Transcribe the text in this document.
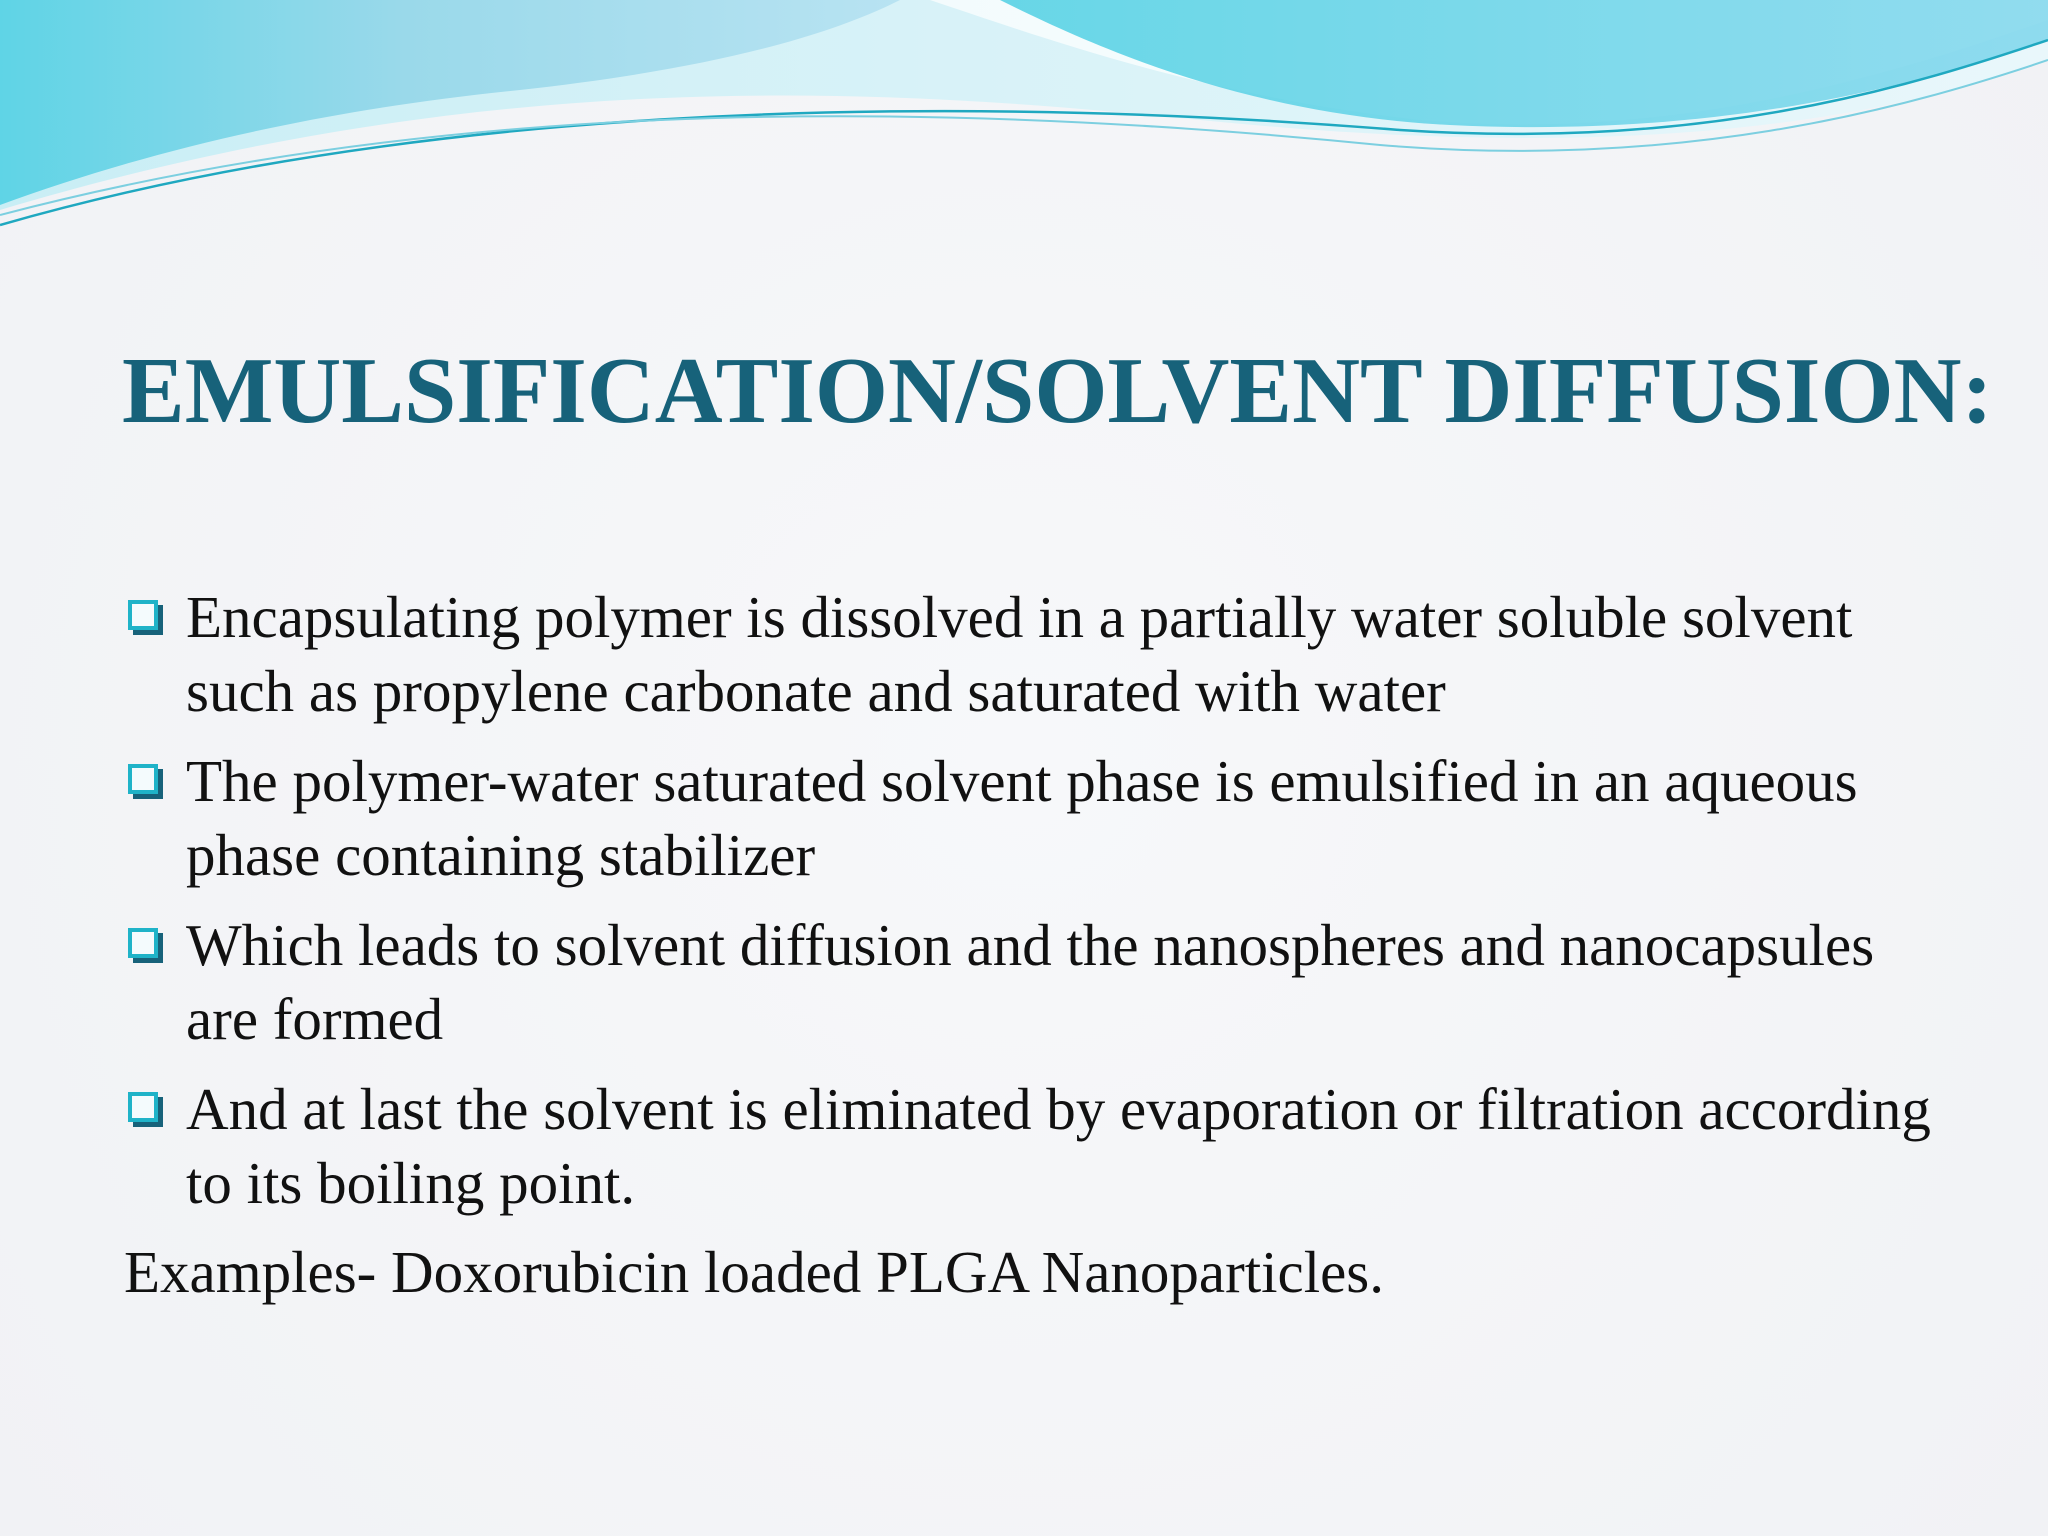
EMULSIFICATION/SOLVENT DIFFUSION:
Encapsulating polymer is dissolved in a partially water soluble solvent such as propylene carbonate and saturated with water
The polymer-water saturated solvent phase is emulsified in an aqueous phase containing stabilizer
Which leads to solvent diffusion and the nanospheres and nanocapsules are formed
And at last the solvent is eliminated by evaporation or filtration according to its boiling point.

Examples- Doxorubicin loaded PLGA Nanoparticles.
